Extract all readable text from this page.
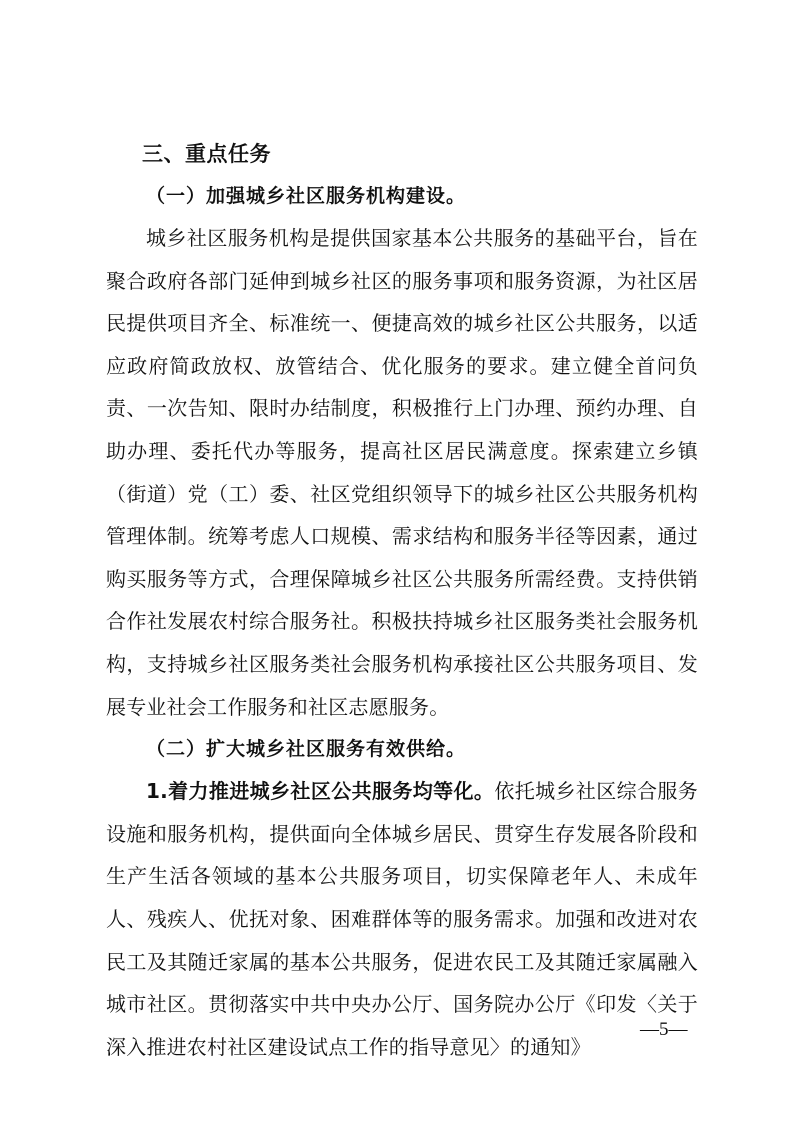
三、重点任务
（一）加强城乡社区服务机构建设。

城乡社区服务机构是提供国家基本公共服务的基础平台，旨在聚合政府各部门延伸到城乡社区的服务事项和服务资源，为社区居民提供项目齐全、标准统一、便捷高效的城乡社区公共服务，以适应政府简政放权、放管结合、优化服务的要求。建立健全首问负责、一次告知、限时办结制度，积极推行上门办理、预约办理、自助办理、委托代办等服务，提高社区居民满意度。探索建立乡镇（街道）党（工）委、社区党组织领导下的城乡社区公共服务机构管理体制。统筹考虑人口规模、需求结构和服务半径等因素，通过购买服务等方式，合理保障城乡社区公共服务所需经费。支持供销合作社发展农村综合服务社。积极扶持城乡社区服务类社会服务机构，支持城乡社区服务类社会服务机构承接社区公共服务项目、发展专业社会工作服务和社区志愿服务。

（二）扩大城乡社区服务有效供给。

1.着力推进城乡社区公共服务均等化。依托城乡社区综合服务设施和服务机构，提供面向全体城乡居民、贯穿生存发展各阶段和生产生活各领域的基本公共服务项目，切实保障老年人、未成年人、残疾人、优抚对象、困难群体等的服务需求。加强和改进对农民工及其随迁家属的基本公共服务，促进农民工及其随迁家属融入城市社区。贯彻落实中共中央办公厅、国务院办公厅《印发〈关于深入推进农村社区建设试点工作的指导意见〉的通知》

—5—
